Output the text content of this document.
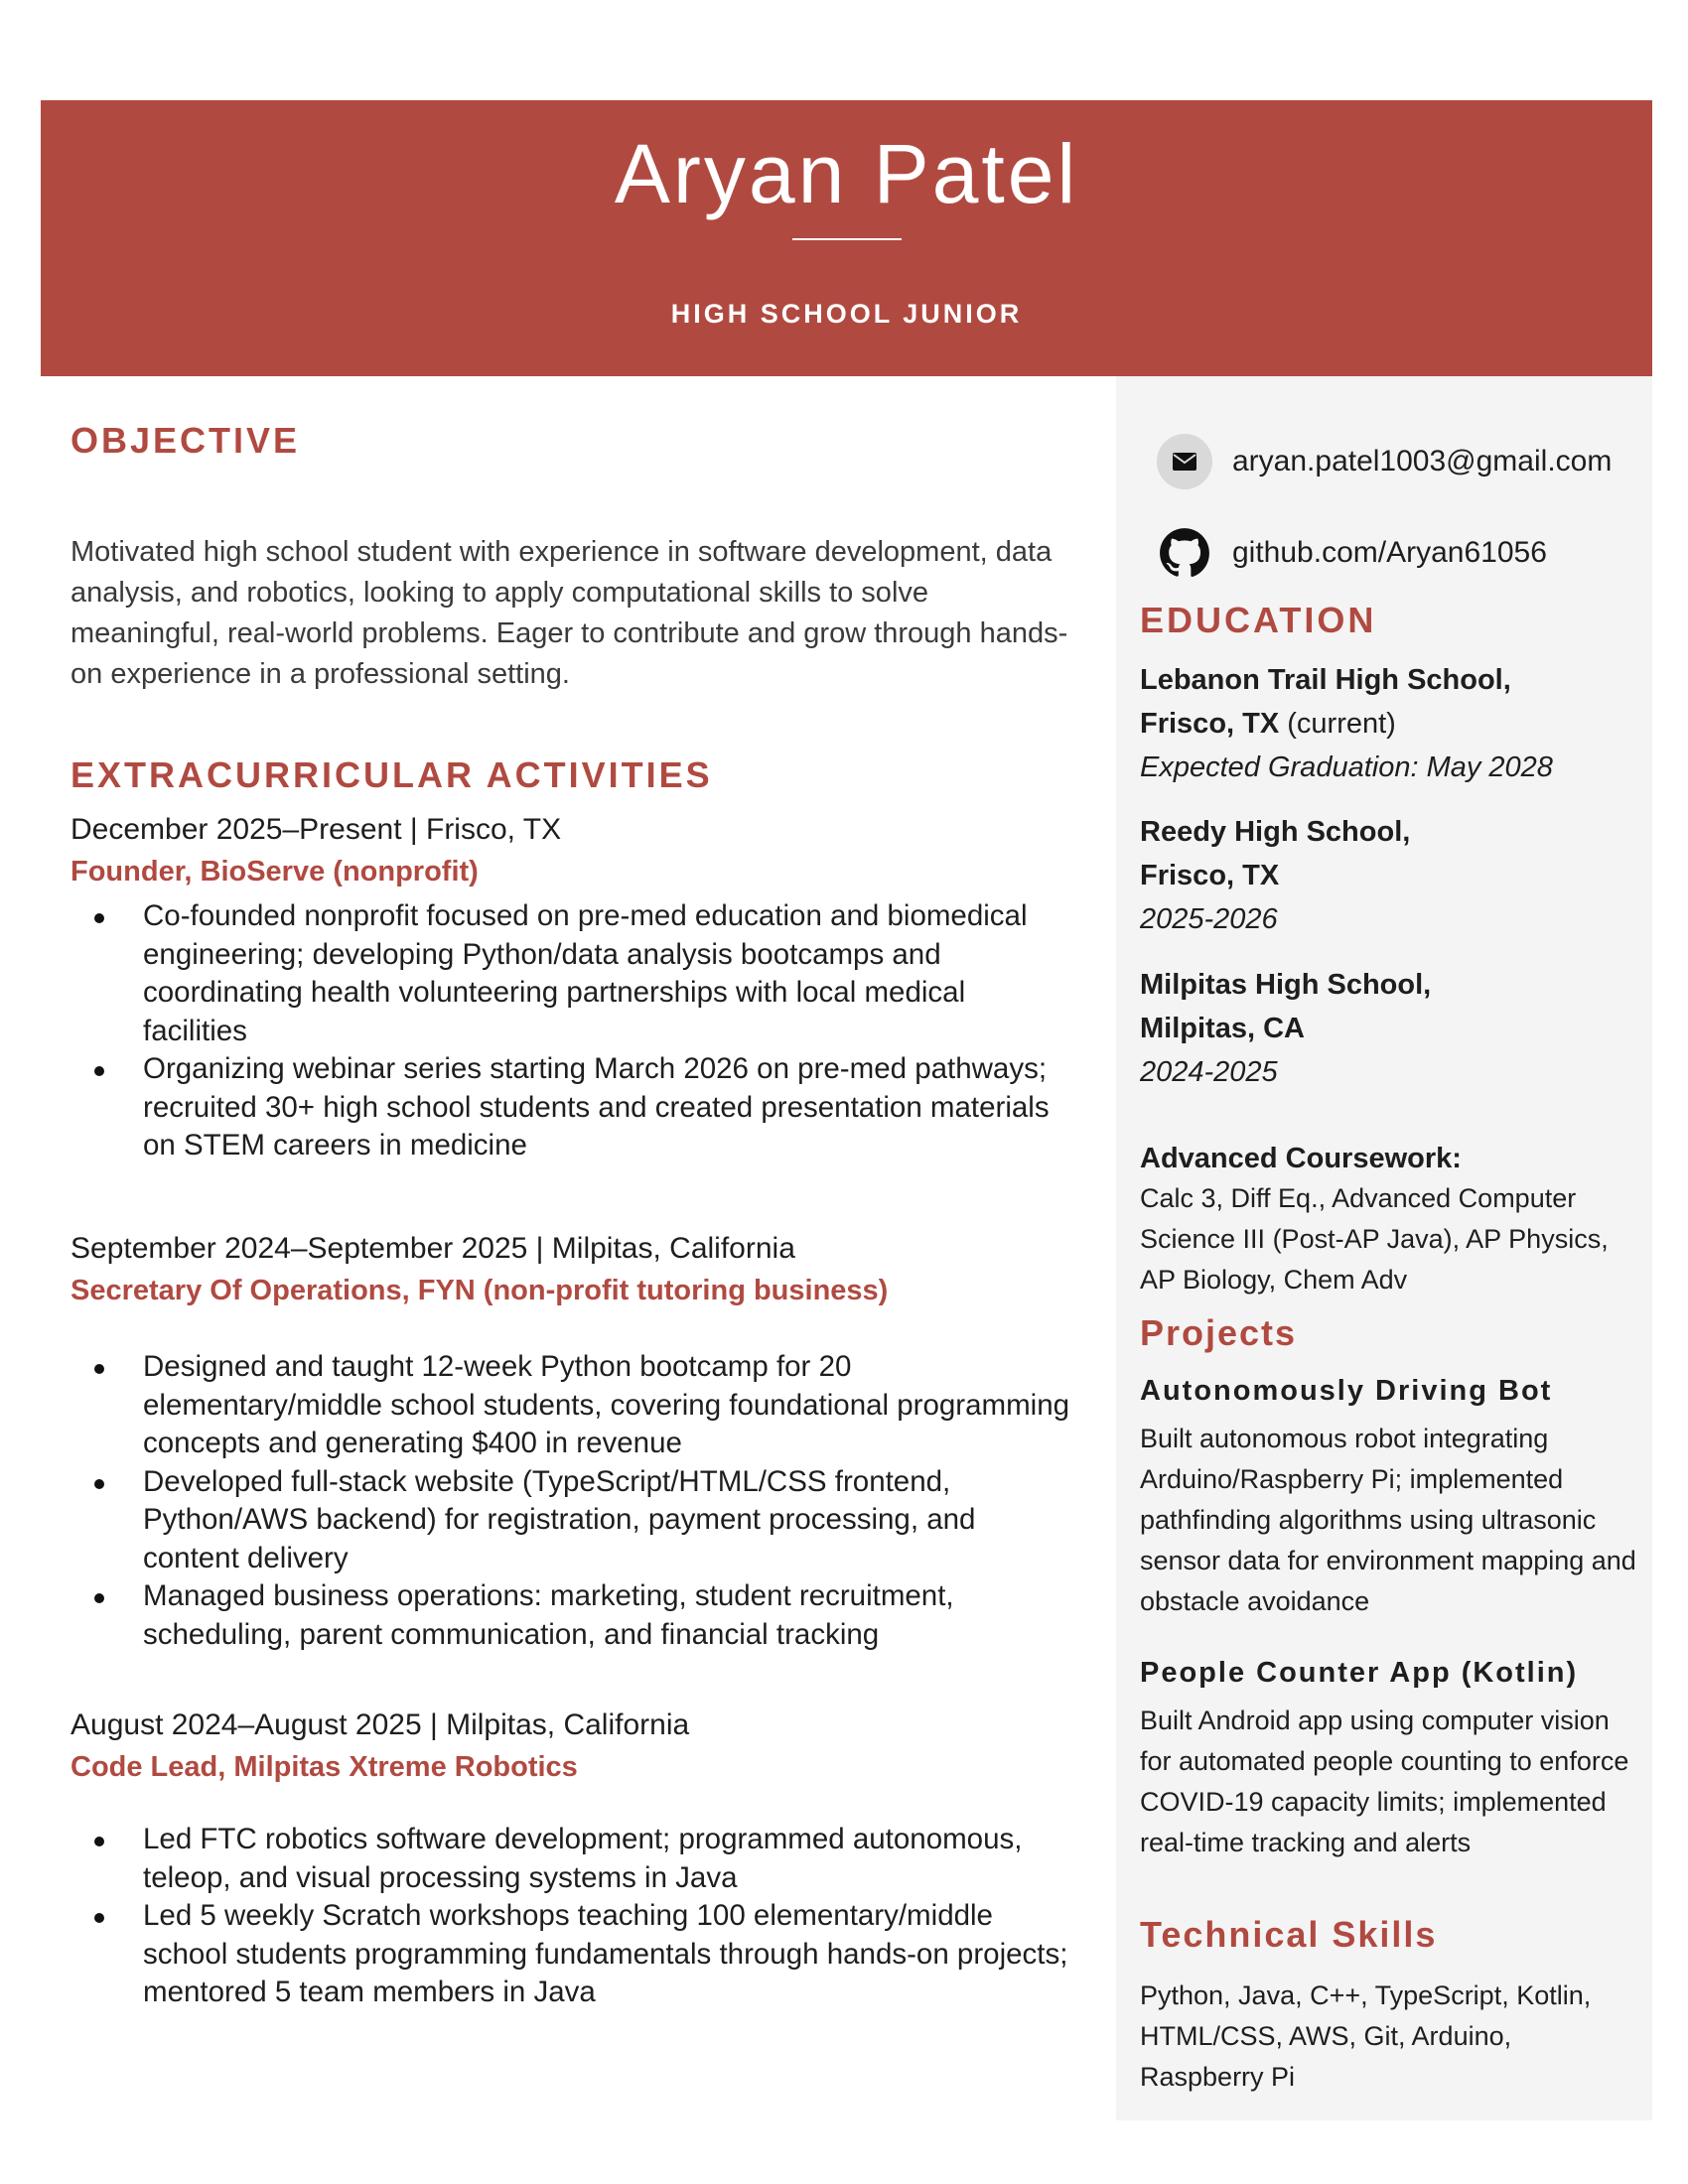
Aryan Patel
HIGH SCHOOL JUNIOR
OBJECTIVE
Motivated high school student with experience in software development, data analysis, and robotics, looking to apply computational skills to solve meaningful, real-world problems. Eager to contribute and grow through hands-on experience in a professional setting.
EXTRACURRICULAR ACTIVITIES
December 2025–Present | Frisco, TX
Founder, BioServe (nonprofit)
Co-founded nonprofit focused on pre-med education and biomedical engineering; developing Python/data analysis bootcamps and coordinating health volunteering partnerships with local medical facilities
Organizing webinar series starting March 2026 on pre-med pathways; recruited 30+ high school students and created presentation materials on STEM careers in medicine
September 2024–September 2025 | Milpitas, California
Secretary Of Operations, FYN (non-profit tutoring business)
Designed and taught 12-week Python bootcamp for 20 elementary/middle school students, covering foundational programming concepts and generating $400 in revenue
Developed full-stack website (TypeScript/HTML/CSS frontend, Python/AWS backend) for registration, payment processing, and content delivery
Managed business operations: marketing, student recruitment, scheduling, parent communication, and financial tracking
August 2024–August 2025 | Milpitas, California
Code Lead, Milpitas Xtreme Robotics
Led FTC robotics software development; programmed autonomous, teleop, and visual processing systems in Java
Led 5 weekly Scratch workshops teaching 100 elementary/middle school students programming fundamentals through hands-on projects; mentored 5 team members in Java
aryan.patel1003@gmail.com
github.com/Aryan61056
EDUCATION
Lebanon Trail High School,
Frisco, TX (current)
Expected Graduation: May 2028
Reedy High School,
Frisco, TX
2025-2026
Milpitas High School,
Milpitas, CA
2024-2025
Advanced Coursework:
Calc 3, Diff Eq., Advanced Computer Science III (Post-AP Java), AP Physics, AP Biology, Chem Adv
Projects
Autonomously Driving Bot
Built autonomous robot integrating Arduino/Raspberry Pi; implemented pathfinding algorithms using ultrasonic sensor data for environment mapping and obstacle avoidance
People Counter App (Kotlin)
Built Android app using computer vision for automated people counting to enforce COVID-19 capacity limits; implemented real-time tracking and alerts
Technical Skills
Python, Java, C++, TypeScript, Kotlin, HTML/CSS, AWS, Git, Arduino, Raspberry Pi
